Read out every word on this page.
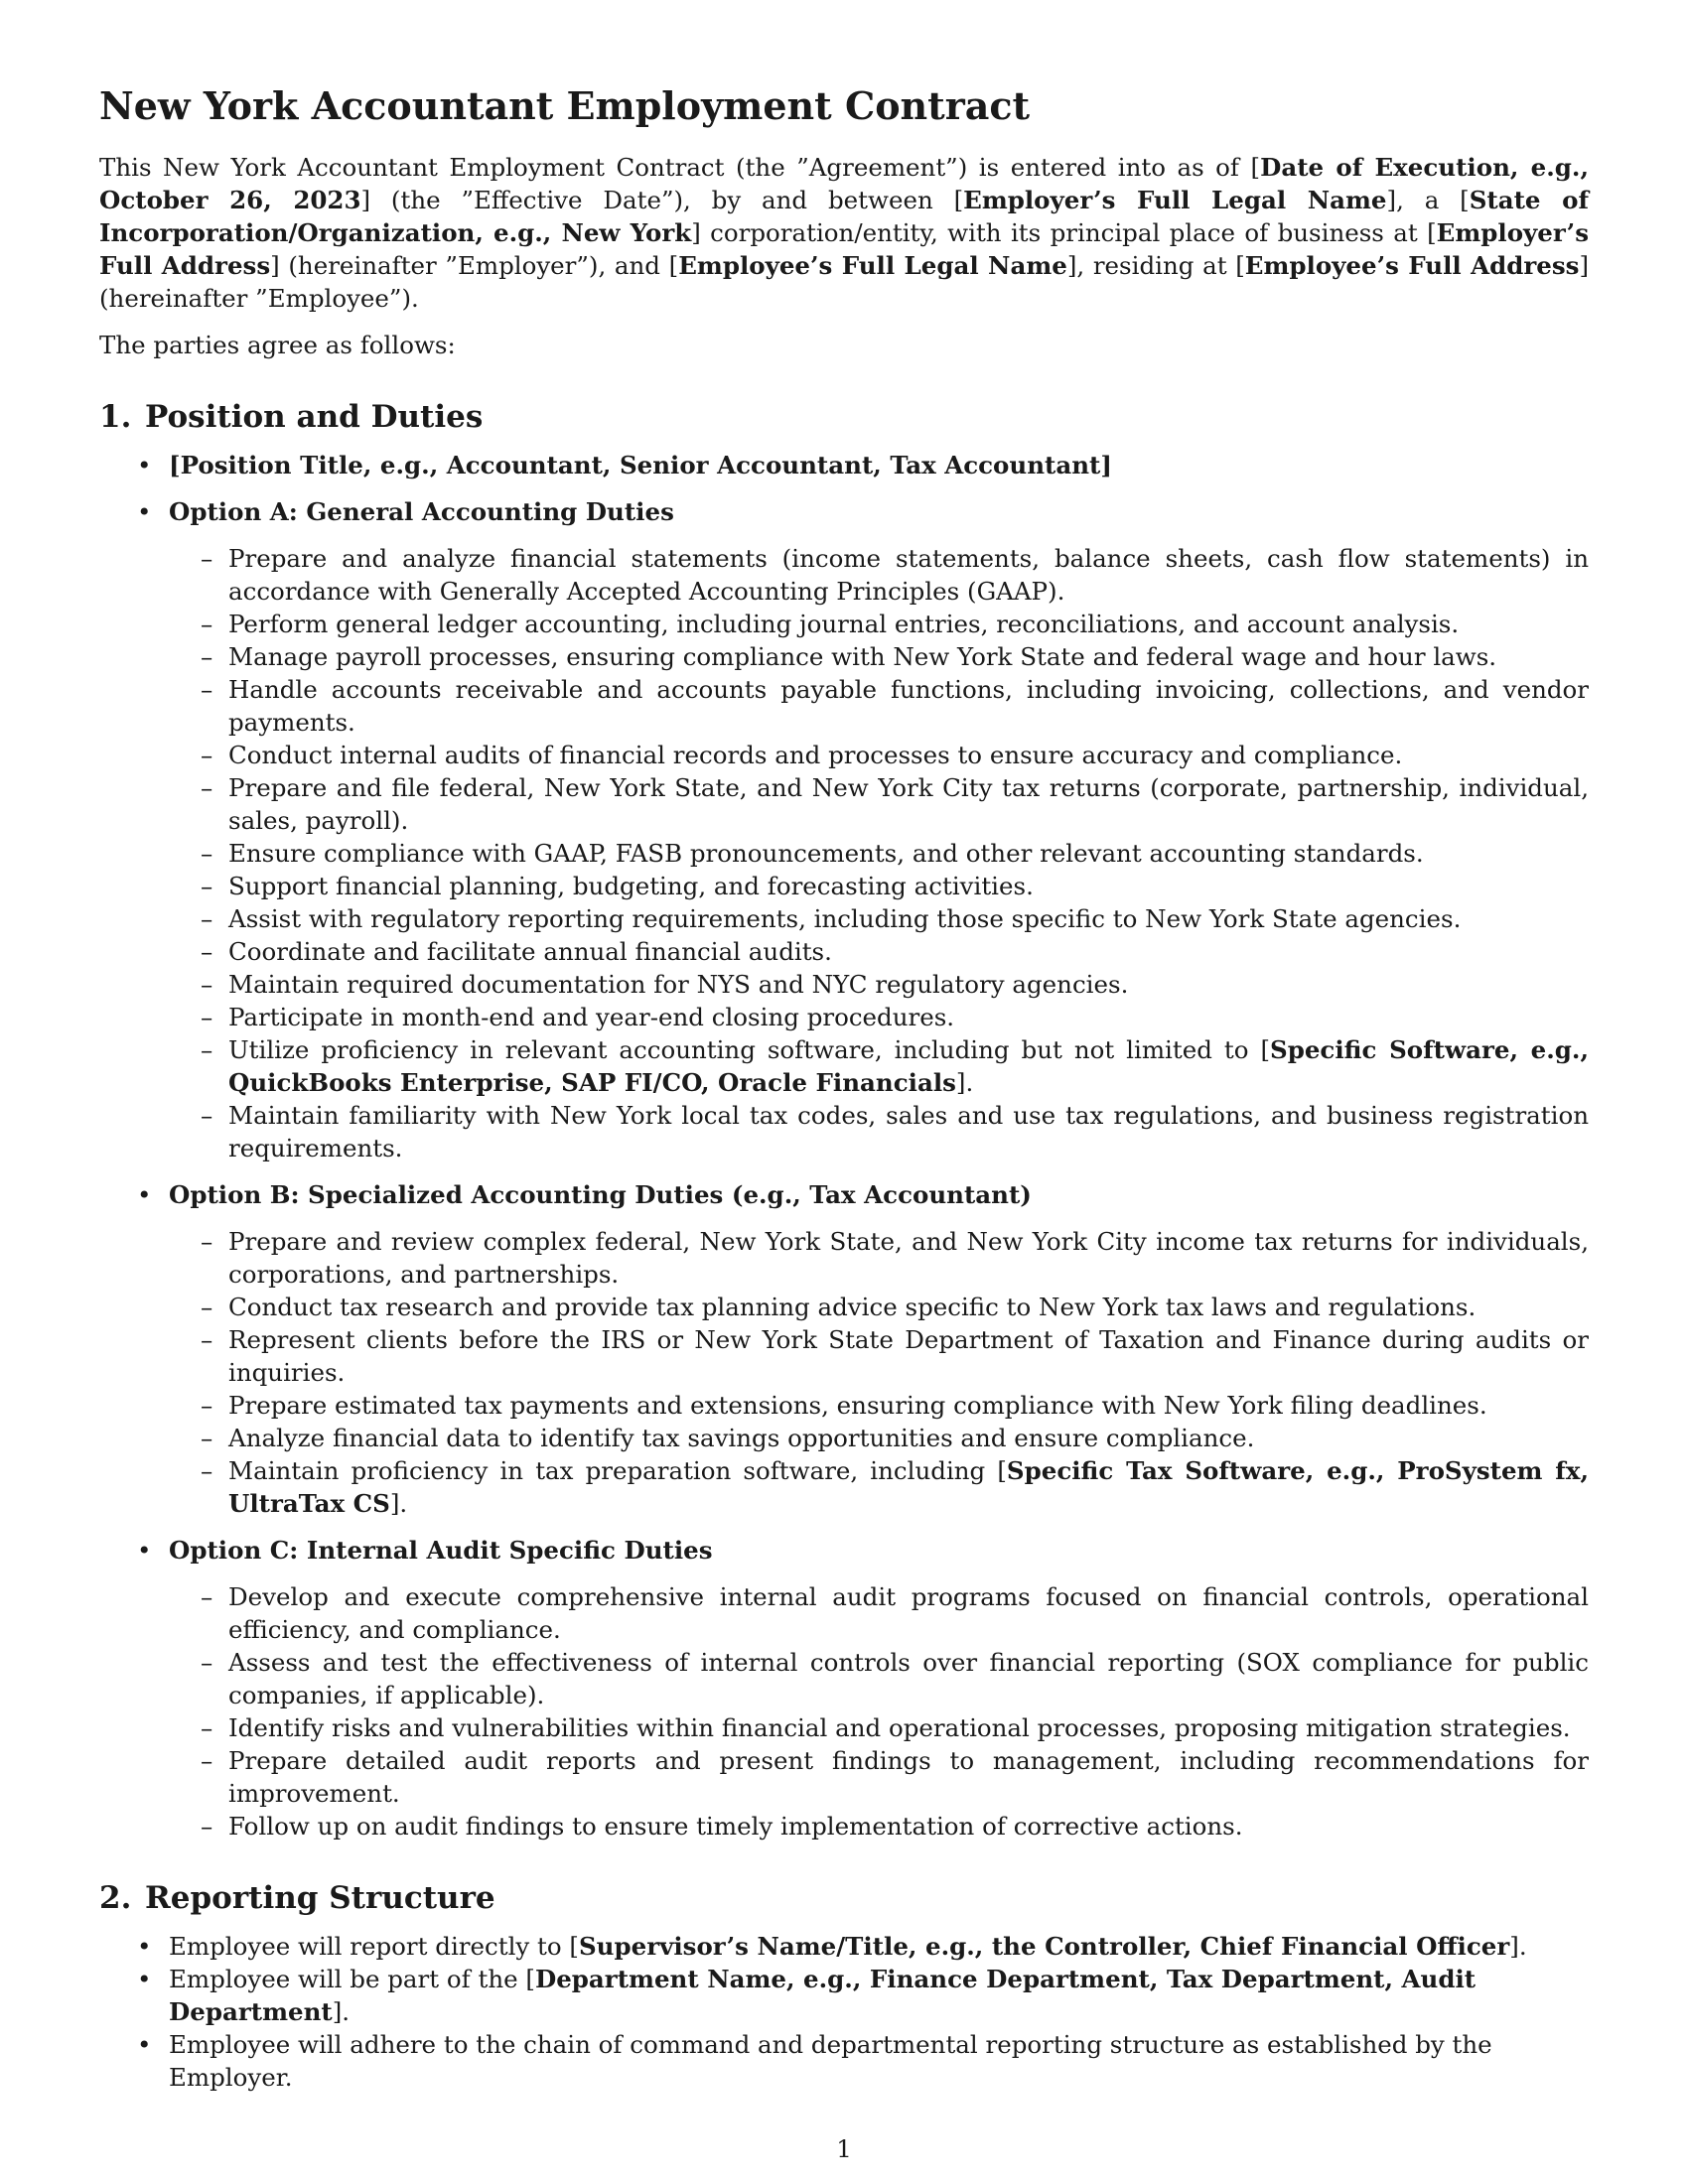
New York Accountant Employment Contract

This New York Accountant Employment Contract (the ”Agreement”) is entered into as of [Date of Execution, e.g., October 26, 2023] (the ”Effective Date”), by and between [Employer’s Full Legal Name], a [State of Incorporation/Organization, e.g., New York] corporation/entity, with its principal place of business at [Employer’s Full Address] (hereinafter ”Employer”), and [Employee’s Full Legal Name], residing at [Employee’s Full Address] (hereinafter ”Employee”).

The parties agree as follows:

1. Position and Duties
• [Position Title, e.g., Accountant, Senior Accountant, Tax Accountant]
• Option A: General Accounting Duties
– Prepare and analyze financial statements (income statements, balance sheets, cash flow statements) in accordance with Generally Accepted Accounting Principles (GAAP).
– Perform general ledger accounting, including journal entries, reconciliations, and account analysis.
– Manage payroll processes, ensuring compliance with New York State and federal wage and hour laws.
– Handle accounts receivable and accounts payable functions, including invoicing, collections, and vendor payments.
– Conduct internal audits of financial records and processes to ensure accuracy and compliance.
– Prepare and file federal, New York State, and New York City tax returns (corporate, partnership, individual, sales, payroll).
– Ensure compliance with GAAP, FASB pronouncements, and other relevant accounting standards.
– Support financial planning, budgeting, and forecasting activities.
– Assist with regulatory reporting requirements, including those specific to New York State agencies.
– Coordinate and facilitate annual financial audits.
– Maintain required documentation for NYS and NYC regulatory agencies.
– Participate in month-end and year-end closing procedures.
– Utilize proficiency in relevant accounting software, including but not limited to [Specific Software, e.g., QuickBooks Enterprise, SAP FI/CO, Oracle Financials].
– Maintain familiarity with New York local tax codes, sales and use tax regulations, and business registration requirements.
• Option B: Specialized Accounting Duties (e.g., Tax Accountant)
– Prepare and review complex federal, New York State, and New York City income tax returns for individuals, corporations, and partnerships.
– Conduct tax research and provide tax planning advice specific to New York tax laws and regulations.
– Represent clients before the IRS or New York State Department of Taxation and Finance during audits or inquiries.
– Prepare estimated tax payments and extensions, ensuring compliance with New York filing deadlines.
– Analyze financial data to identify tax savings opportunities and ensure compliance.
– Maintain proficiency in tax preparation software, including [Specific Tax Software, e.g., ProSystem fx, UltraTax CS].
• Option C: Internal Audit Specific Duties
– Develop and execute comprehensive internal audit programs focused on financial controls, operational efficiency, and compliance.
– Assess and test the effectiveness of internal controls over financial reporting (SOX compliance for public companies, if applicable).
– Identify risks and vulnerabilities within financial and operational processes, proposing mitigation strategies.
– Prepare detailed audit reports and present findings to management, including recommendations for improvement.
– Follow up on audit findings to ensure timely implementation of corrective actions.
2. Reporting Structure
• Employee will report directly to [Supervisor’s Name/Title, e.g., the Controller, Chief Financial Officer].
• Employee will be part of the [Department Name, e.g., Finance Department, Tax Department, Audit Department].
• Employee will adhere to the chain of command and departmental reporting structure as established by the Employer.
1
